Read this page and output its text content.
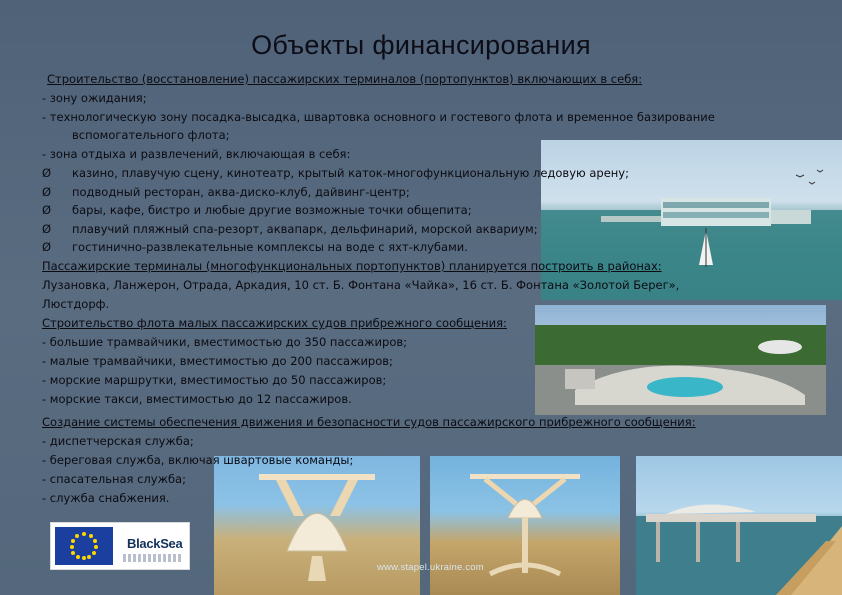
BlackSea
www.stapel.ukraine.com
Объекты финансирования
Строительство (восстановление) пассажирских терминалов (портопунктов) включающих в себя:
- зону ожидания;
- технологическую зону посадка-высадка, швартовка основного и гостевого флота и временное базирование
вспомогательного флота;
- зона отдыха и развлечений, включающая в себя:
Ø казино, плавучую сцену, кинотеатр, крытый каток-многофункциональную ледовую арену;
Ø подводный ресторан, аква-диско-клуб, дайвинг-центр;
Ø бары, кафе, бистро и любые другие возможные точки общепита;
Ø плавучий пляжный спа-резорт, аквапарк, дельфинарий, морской аквариум;
Ø гостинично-развлекательные комплексы на воде с яхт-клубами.
Пассажирские терминалы (многофункциональных портопунктов) планируется построить в районах:
Лузановка, Ланжерон, Отрада, Аркадия, 10 ст. Б. Фонтана «Чайка», 16 ст. Б. Фонтана «Золотой Берег»,
Люстдорф.
Строительство флота малых пассажирских судов прибрежного сообщения:
- большие трамвайчики, вместимостью до 350 пассажиров;
- малые трамвайчики, вместимостью до 200 пассажиров;
- морские маршрутки, вместимостью до 50 пассажиров;
- морские такси, вместимостью до 12 пассажиров.
Создание системы обеспечения движения и безопасности судов пассажирского прибрежного сообщения:
- диспетчерская служба;
- береговая служба, включая швартовые команды;
- спасательная служба;
- служба снабжения.
